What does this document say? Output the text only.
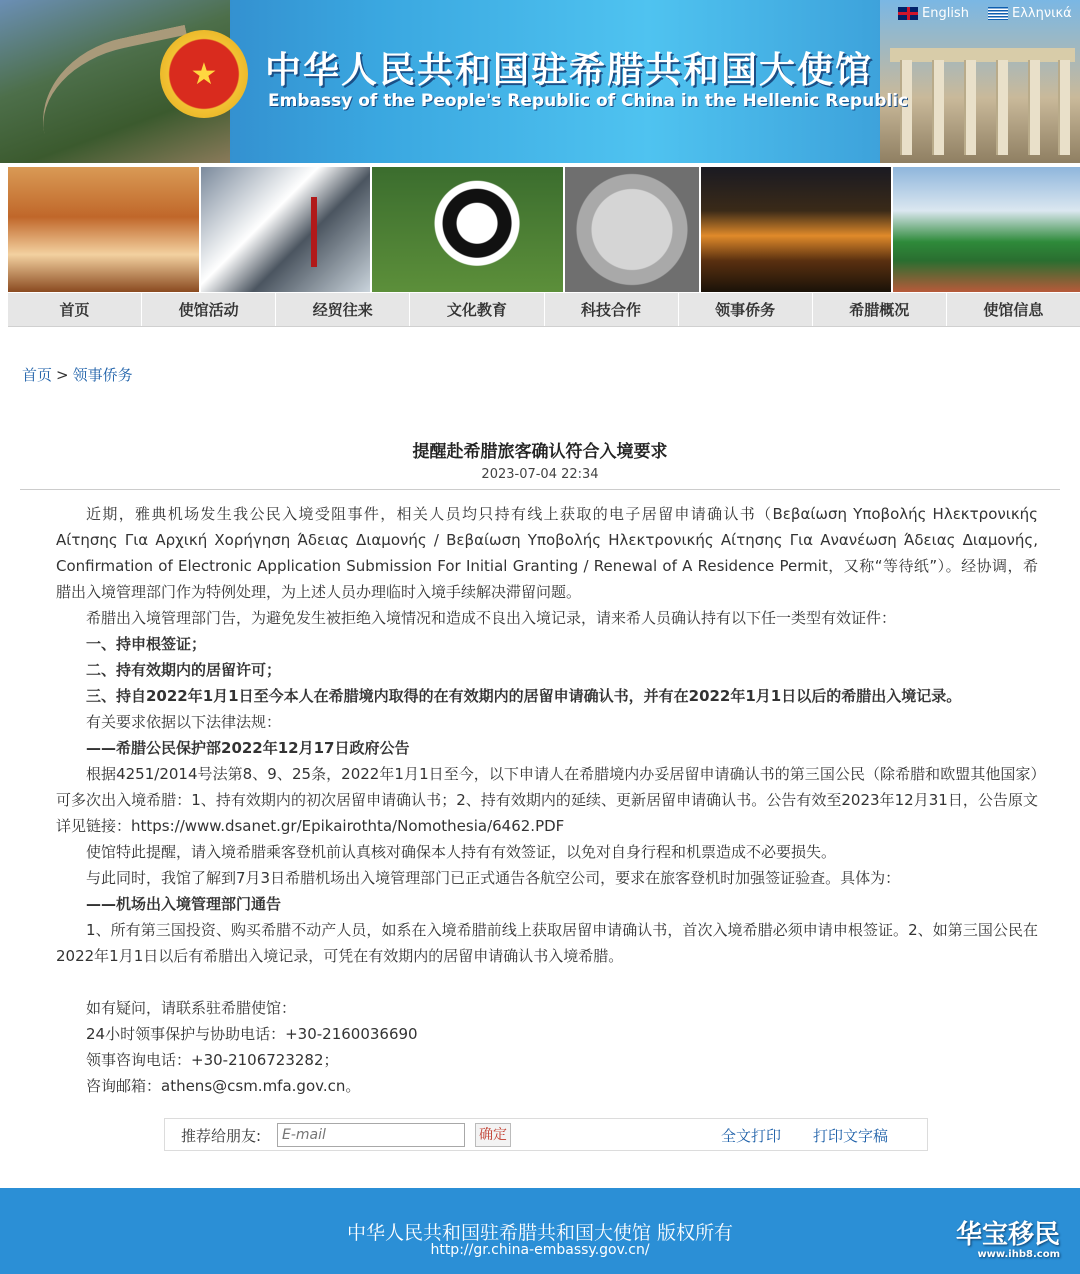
★ 中华人民共和国驻希腊共和国大使馆
Embassy of the People's Republic of China in the Hellenic Republic
English	Ελληνικά
首页	使馆活动	经贸往来	文化教育	科技合作	领事侨务	希腊概况	使馆信息
首页 > 领事侨务
提醒赴希腊旅客确认符合入境要求
2023-07-04 22:34

近期，雅典机场发生我公民入境受阻事件，相关人员均只持有线上获取的电子居留申请确认书（Βεβαίωση Υποβολής Ηλεκτρονικής Αίτησης Για Αρχική Χορήγηση Άδειας Διαμονής / Βεβαίωση Υποβολής Ηλεκτρονικής Αίτησης Για Ανανέωση Άδειας Διαμονής, Confirmation of Electronic Application Submission For Initial Granting / Renewal of A Residence Permit，又称“等待纸”）。经协调，希腊出入境管理部门作为特例处理，为上述人员办理临时入境手续解决滞留问题。

希腊出入境管理部门告，为避免发生被拒绝入境情况和造成不良出入境记录，请来希人员确认持有以下任一类型有效证件：

一、持申根签证；

二、持有效期内的居留许可；

三、持自2022年1月1日至今本人在希腊境内取得的在有效期内的居留申请确认书，并有在2022年1月1日以后的希腊出入境记录。

有关要求依据以下法律法规：

——希腊公民保护部2022年12月17日政府公告

根据4251/2014号法第8、9、25条，2022年1月1日至今，以下申请人在希腊境内办妥居留申请确认书的第三国公民（除希腊和欧盟其他国家）可多次出入境希腊：1、持有效期内的初次居留申请确认书；2、持有效期内的延续、更新居留申请确认书。公告有效至2023年12月31日，公告原文详见链接：https://www.dsanet.gr/Epikairothta/Nomothesia/6462.PDF

使馆特此提醒，请入境希腊乘客登机前认真核对确保本人持有有效签证，以免对自身行程和机票造成不必要损失。

与此同时，我馆了解到7月3日希腊机场出入境管理部门已正式通告各航空公司，要求在旅客登机时加强签证验查。具体为：

——机场出入境管理部门通告

1、所有第三国投资、购买希腊不动产人员，如系在入境希腊前线上获取居留申请确认书，首次入境希腊必须申请申根签证。2、如第三国公民在2022年1月1日以后有希腊出入境记录，可凭在有效期内的居留申请确认书入境希腊。

如有疑问，请联系驻希腊使馆：

24小时领事保护与协助电话：+30-2160036690

领事咨询电话：+30-2106723282；

咨询邮箱：athens@csm.mfa.gov.cn。

推荐给朋友:
E-mail	确定	全文打印 打印文字稿
中华人民共和国驻希腊共和国大使馆 版权所有
http://gr.china-embassy.gov.cn/	华宝移民
www.ihb8.com
